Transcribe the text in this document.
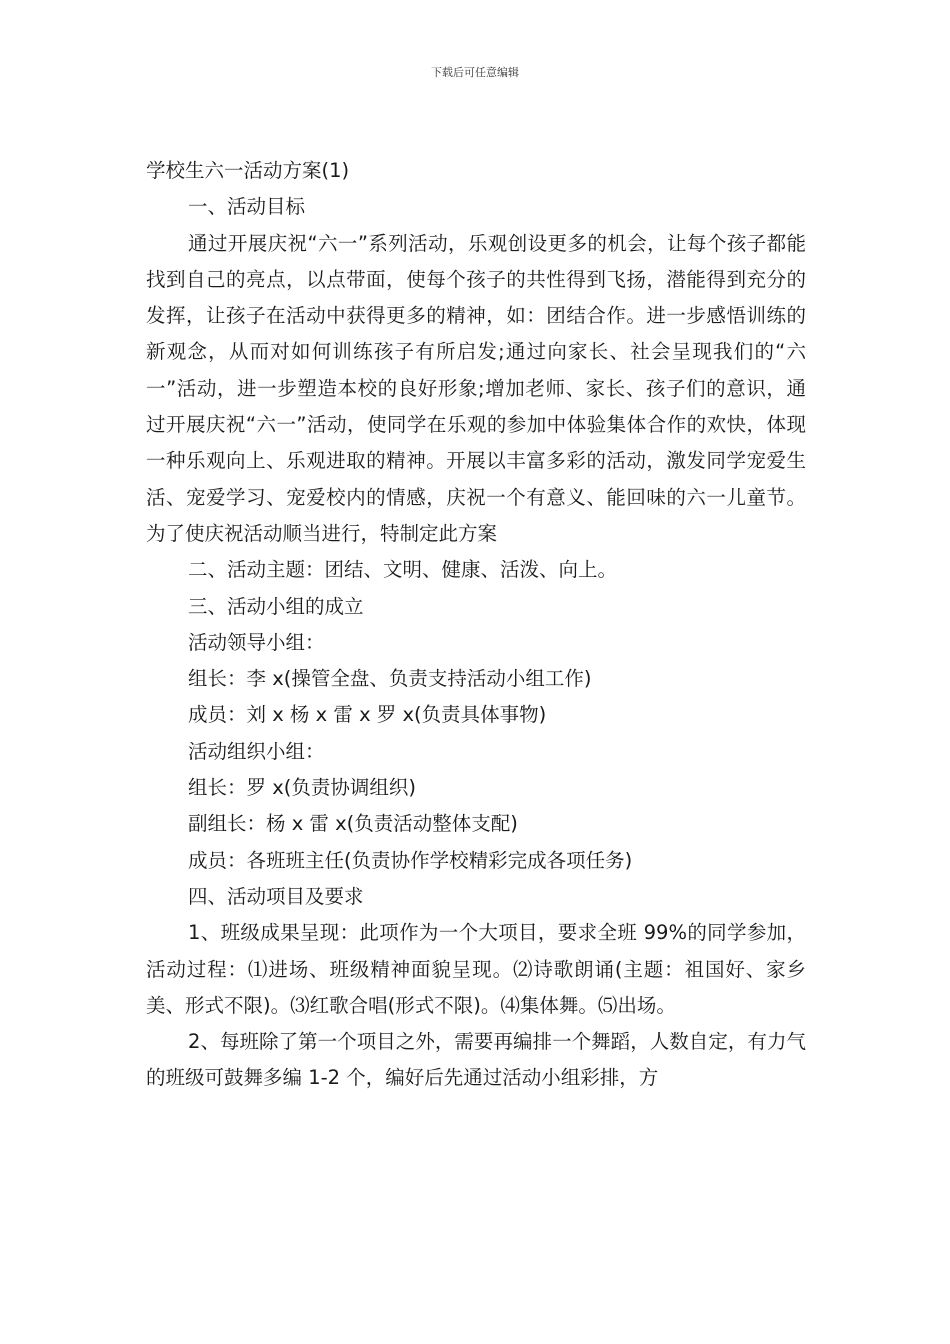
下载后可任意编辑

学校生六一活动方案(1)

一、活动目标

通过开展庆祝“六一”系列活动，乐观创设更多的机会，让每个孩子都能找到自己的亮点，以点带面，使每个孩子的共性得到飞扬，潜能得到充分的发挥，让孩子在活动中获得更多的精神，如：团结合作。进一步感悟训练的新观念，从而对如何训练孩子有所启发;通过向家长、社会呈现我们的“六一”活动，进一步塑造本校的良好形象;增加老师、家长、孩子们的意识，通过开展庆祝“六一”活动，使同学在乐观的参加中体验集体合作的欢快，体现一种乐观向上、乐观进取的精神。开展以丰富多彩的活动，激发同学宠爱生活、宠爱学习、宠爱校内的情感，庆祝一个有意义、能回味的六一儿童节。为了使庆祝活动顺当进行，特制定此方案

二、活动主题：团结、文明、健康、活泼、向上。

三、活动小组的成立

活动领导小组：

组长：李 x(操管全盘、负责支持活动小组工作)

成员：刘 x 杨 x 雷 x 罗 x(负责具体事物)

活动组织小组：

组长：罗 x(负责协调组织)

副组长：杨 x 雷 x(负责活动整体支配)

成员：各班班主任(负责协作学校精彩完成各项任务)

四、活动项目及要求

1、班级成果呈现：此项作为一个大项目，要求全班 99%的同学参加，活动过程：⑴进场、班级精神面貌呈现。⑵诗歌朗诵(主题：祖国好、家乡美、形式不限)。⑶红歌合唱(形式不限)。⑷集体舞。⑸出场。

2、每班除了第一个项目之外，需要再编排一个舞蹈，人数自定，有力气的班级可鼓舞多编 1-2 个，编好后先通过活动小组彩排，方
